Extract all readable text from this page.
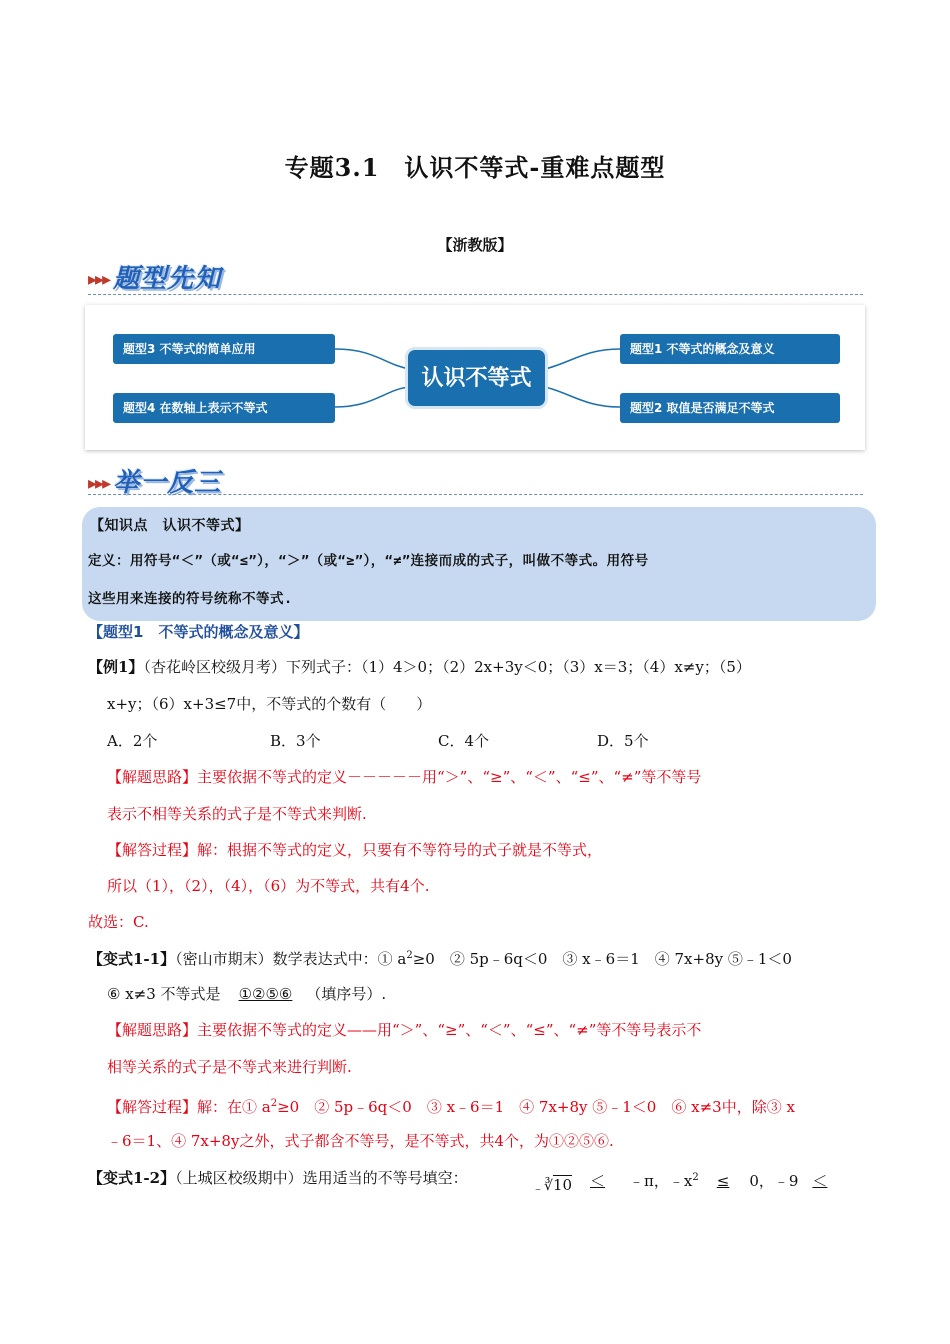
专题3.1　认识不等式-重难点题型
【浙教版】
▸▸▸ 题型先知
题型3 不等式的简单应用
题型4 在数轴上表示不等式
认识不等式
题型1 不等式的概念及意义
题型2 取值是否满足不等式
▸▸▸ 举一反三
【知识点　认识不等式】
定义：用符号“＜”（或“≤”），“＞”（或“≥”），“≠”连接而成的式子，叫做不等式。用符号
这些用来连接的符号统称不等式.
【题型1　不等式的概念及意义】
【例1】（杏花岭区校级月考）下列式子：（1）4＞0；（2）2x+3y＜0；（3）x＝3；（4）x≠y；（5）
x+y；（6）x+3≤7中，不等式的个数有（　　）
A．2个	B．3个	C．4个	D．5个
【解题思路】主要依据不等式的定义－－－－－用“＞”、“≥”、“＜”、“≤”、“≠”等不等号
表示不相等关系的式子是不等式来判断.
【解答过程】解：根据不等式的定义，只要有不等符号的式子就是不等式，
所以（1），（2），（4），（6）为不等式，共有4个.
故选：C.
【变式1-1】（密山市期末）数学表达式中：① $a^2\ge 0$　② 5p﹣6q＜0　③ x﹣6＝1　④ 7x+8y ⑤﹣1＜0
⑥ x≠3 不等式是 ①②⑤⑥ （填序号）.
【解题思路】主要依据不等式的定义——用“＞”、“≥”、“＜”、“≤”、“≠”等不等号表示不
相等关系的式子是不等式来进行判断.
【解答过程】解：在① $a^2\ge 0$　② 5p﹣6q＜0　③ x﹣6＝1　④ 7x+8y ⑤﹣1＜0　⑥ x≠3中，除③ x
﹣6＝1、④ 7x+8y之外，式子都含不等号，是不等式，共4个，为①②⑤⑥.
【变式1-2】（上城区校级期中）选用适当的不等号填空：
$_﹣$∛10 ＜ ﹣π，$﹣x^2 \le 0$，﹣9 ＜
